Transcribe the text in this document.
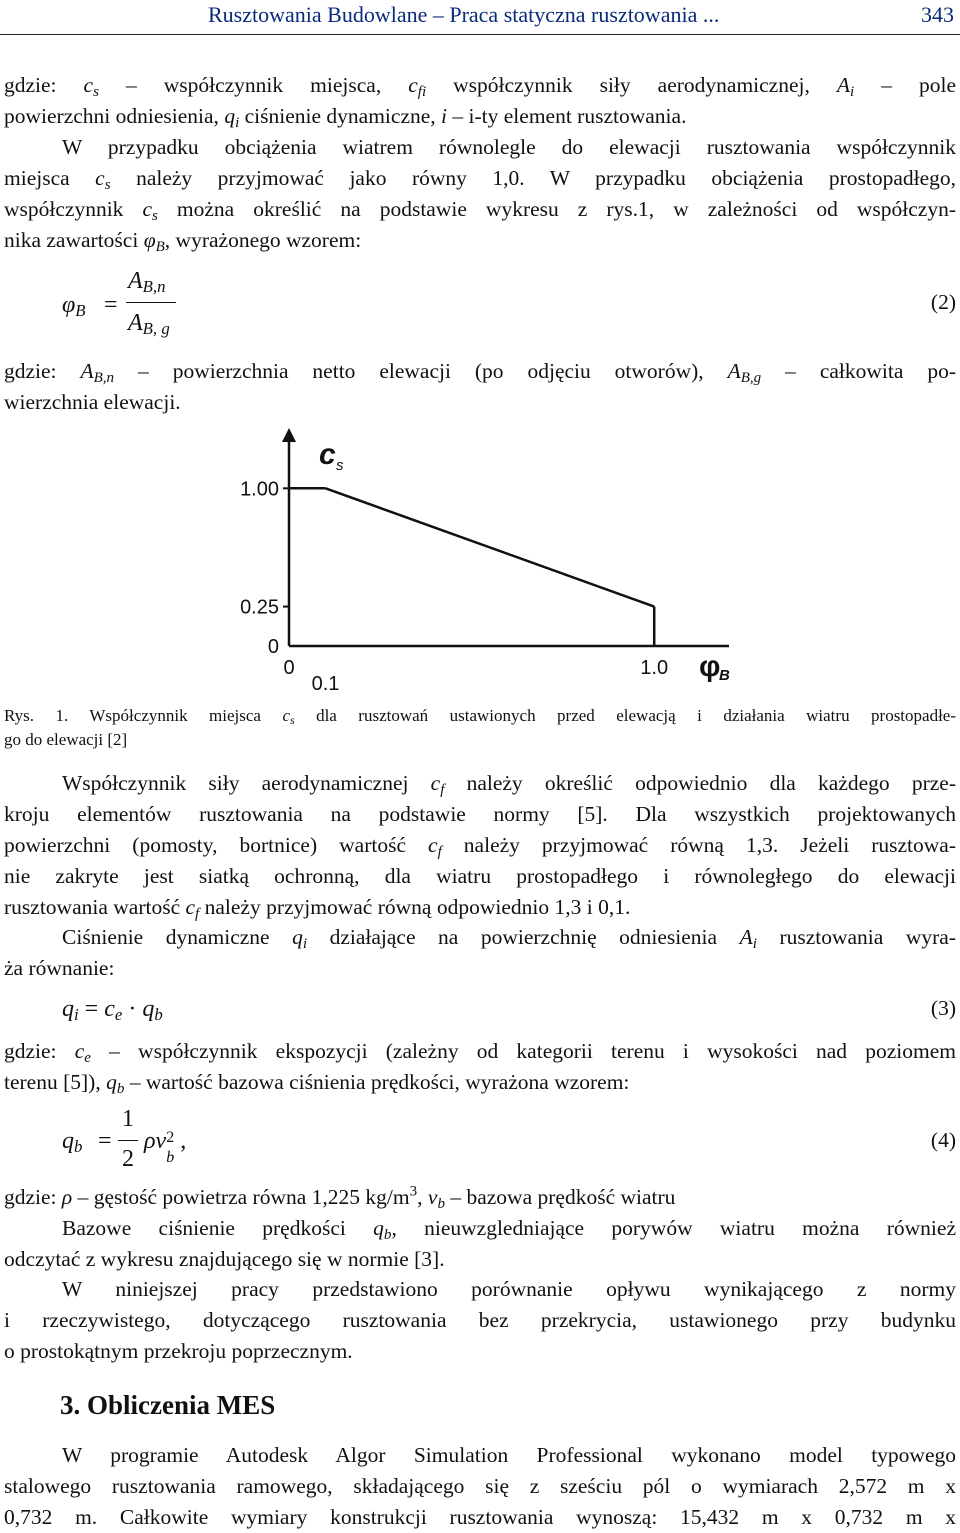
Rusztowania Budowlane – Praca statyczna rusztowania ...	343

gdzie: $c_s$ – współczynnik miejsca, $c_{fi}$ współczynnik siły aerodynamicznej, $A_i$ – pole
powierzchni odniesienia, $q_i$ ciśnienie dynamiczne, i – i-ty element rusztowania.

W przypadku obciążenia wiatrem równolegle do elewacji rusztowania współczynnik
miejsca $c_s$ należy przyjmować jako równy 1,0. W przypadku obciążenia prostopadłego,
współczynnik $c_s$ można określić na podstawie wykresu z rys.1, w zależności od współczyn-
nika zawartości $\varphi_B$, wyrażonego wzorem:

$\varphi_B$ =
$A_{B,n}$
$A_{B, g}$
(2)

gdzie: $A_{B,n}$ – powierzchnia netto elewacji (po odjęciu otworów), $A_{B,g}$ – całkowita po-
wierzchnia elewacji.

0
0.25
1.00
0
0.1
1.0
c s
φ
B
Rys. 1. Współczynnik miejsca $c_s$ dla rusztowań ustawionych przed elewacją i działania wiatru prostopadłe-
go do elewacji [2]

Współczynnik siły aerodynamicznej $c_f$ należy określić odpowiednio dla każdego prze-
kroju elementów rusztowania na podstawie normy [5]. Dla wszystkich projektowanych
powierzchni (pomosty, bortnice) wartość $c_f$ należy przyjmować równą 1,3. Jeżeli rusztowa-
nie zakryte jest siatką ochronną, dla wiatru prostopadłego i równoległego do elewacji
rusztowania wartość $c_f$ należy przyjmować równą odpowiednio 1,3 i 0,1.

Ciśnienie dynamiczne $q_i$ działające na powierzchnię odniesienia $A_i$ rusztowania wyra-
ża równanie:

$q_i = c_e \cdot q_b$	(3)

gdzie: $c_e$ – współczynnik ekspozycji (zależny od kategorii terenu i wysokości nad poziomem
terenu [5]), $q_b$ – wartość bazowa ciśnienia prędkości, wyrażona wzorem:

$q_b$ =
1
2
ρv 2
b
,	(4)

gdzie: ρ – gęstość powietrza równa 1,225 $kg/m^3$, $v_b$ – bazowa prędkość wiatru

Bazowe ciśnienie prędkości $q_b$, nieuwzgledniające porywów wiatru można również
odczytać z wykresu znajdującego się w normie [3].

W niniejszej pracy przedstawiono porównanie opływu wynikającego z normy
i rzeczywistego, dotyczącego rusztowania bez przekrycia, ustawionego przy budynku
o prostokątnym przekroju poprzecznym.

3. Obliczenia MES

W programie Autodesk Algor Simulation Professional wykonano model typowego
stalowego rusztowania ramowego, składającego się z sześciu pól o wymiarach 2,572 m x
0,732 m. Całkowite wymiary konstrukcji rusztowania wynoszą: 15,432 m x 0,732 m x
